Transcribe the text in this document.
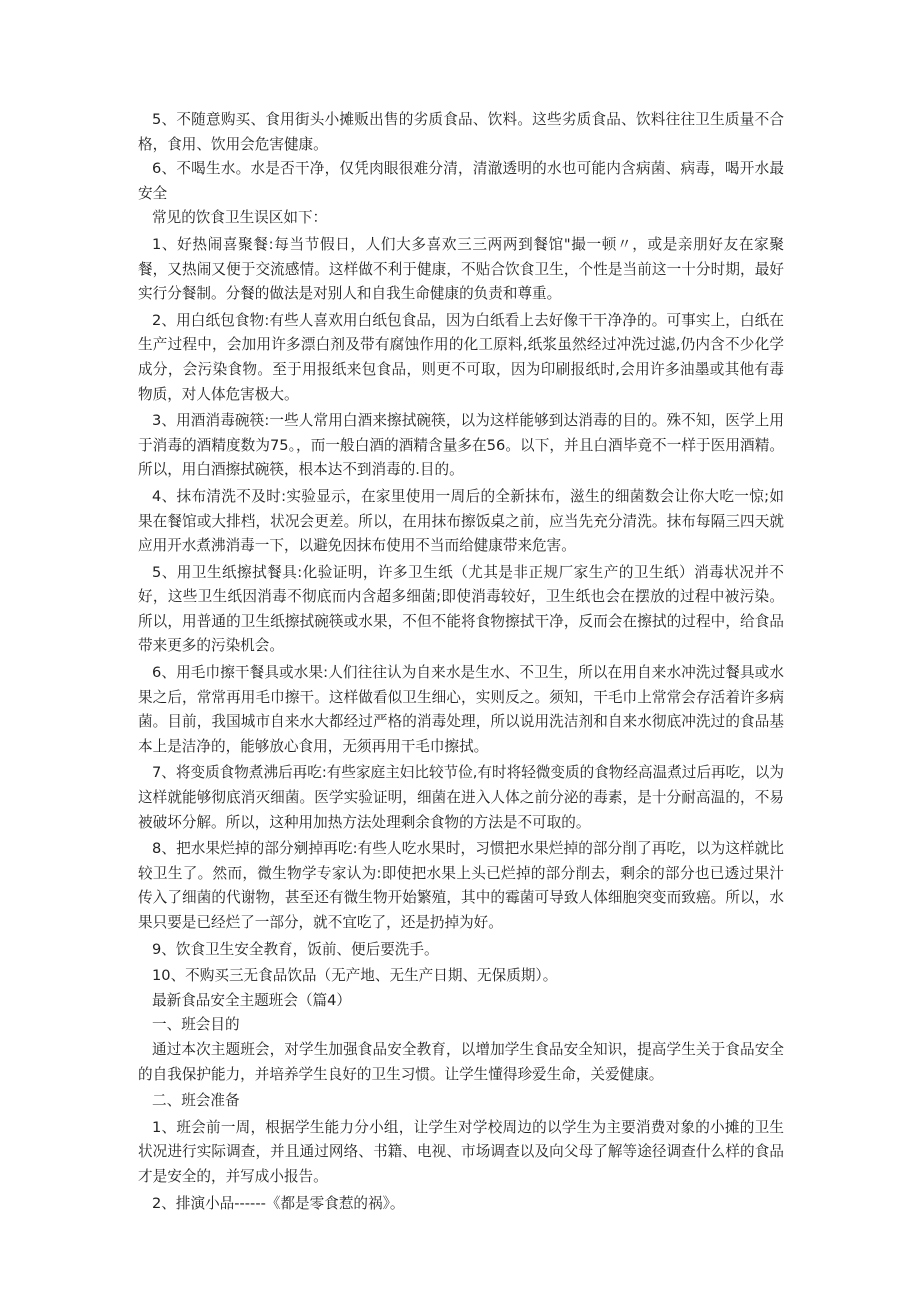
5、不随意购买、食用街头小摊贩出售的劣质食品、饮料。这些劣质食品、饮料往往卫生质量不合格，食用、饮用会危害健康。

6、不喝生水。水是否干净，仅凭肉眼很难分清，清澈透明的水也可能内含病菌、病毒，喝开水最安全

常见的饮食卫生误区如下：

1、好热闹喜聚餐:每当节假日，人们大多喜欢三三两两到餐馆"撮一顿〃，或是亲朋好友在家聚餐，又热闹又便于交流感情。这样做不利于健康，不贴合饮食卫生，个性是当前这一十分时期，最好实行分餐制。分餐的做法是对别人和自我生命健康的负责和尊重。

2、用白纸包食物:有些人喜欢用白纸包食品，因为白纸看上去好像干干净净的。可事实上，白纸在生产过程中，会加用许多漂白剂及带有腐蚀作用的化工原料,纸浆虽然经过冲洗过滤,仍内含不少化学成分，会污染食物。至于用报纸来包食品，则更不可取，因为印刷报纸时,会用许多油墨或其他有毒物质，对人体危害极大。

3、用酒消毒碗筷:一些人常用白酒来擦拭碗筷，以为这样能够到达消毒的目的。殊不知，医学上用于消毒的酒精度数为75。，而一般白酒的酒精含量多在56。以下，并且白酒毕竟不一样于医用酒精。所以，用白酒擦拭碗筷，根本达不到消毒的.目的。

4、抹布清洗不及时:实验显示，在家里使用一周后的全新抹布，滋生的细菌数会让你大吃一惊;如果在餐馆或大排档，状况会更差。所以，在用抹布擦饭桌之前，应当先充分清洗。抹布每隔三四天就应用开水煮沸消毒一下，以避免因抹布使用不当而给健康带来危害。

5、用卫生纸擦拭餐具:化验证明，许多卫生纸（尤其是非正规厂家生产的卫生纸）消毒状况并不好，这些卫生纸因消毒不彻底而内含超多细菌;即使消毒较好，卫生纸也会在摆放的过程中被污染。所以，用普通的卫生纸擦拭碗筷或水果，不但不能将食物擦拭干净，反而会在擦拭的过程中，给食品带来更多的污染机会。

6、用毛巾擦干餐具或水果:人们往往认为自来水是生水、不卫生，所以在用自来水冲洗过餐具或水果之后，常常再用毛巾擦干。这样做看似卫生细心，实则反之。须知，干毛巾上常常会存活着许多病菌。目前，我国城市自来水大都经过严格的消毒处理，所以说用洗洁剂和自来水彻底冲洗过的食品基本上是洁净的，能够放心食用，无须再用干毛巾擦拭。

7、将变质食物煮沸后再吃:有些家庭主妇比较节俭,有时将轻微变质的食物经高温煮过后再吃，以为这样就能够彻底消灭细菌。医学实验证明，细菌在进入人体之前分泌的毒素，是十分耐高温的，不易被破坏分解。所以，这种用加热方法处理剩余食物的方法是不可取的。

8、把水果烂掉的部分剜掉再吃:有些人吃水果时，习惯把水果烂掉的部分削了再吃，以为这样就比较卫生了。然而，微生物学专家认为:即使把水果上头已烂掉的部分削去，剩余的部分也已透过果汁传入了细菌的代谢物，甚至还有微生物开始繁殖，其中的霉菌可导致人体细胞突变而致癌。所以，水果只要是已经烂了一部分，就不宜吃了，还是扔掉为好。

9、饮食卫生安全教育，饭前、便后要洗手。

10、不购买三无食品饮品（无产地、无生产日期、无保质期）。

最新食品安全主题班会（篇4）

一、班会目的

通过本次主题班会，对学生加强食品安全教育，以增加学生食品安全知识，提高学生关于食品安全的自我保护能力，并培养学生良好的卫生习惯。让学生懂得珍爱生命，关爱健康。

二、班会准备

1、班会前一周，根据学生能力分小组，让学生对学校周边的以学生为主要消费对象的小摊的卫生状况进行实际调查，并且通过网络、书籍、电视、市场调查以及向父母了解等途径调查什么样的食品才是安全的，并写成小报告。

2、排演小品------《都是零食惹的祸》。
